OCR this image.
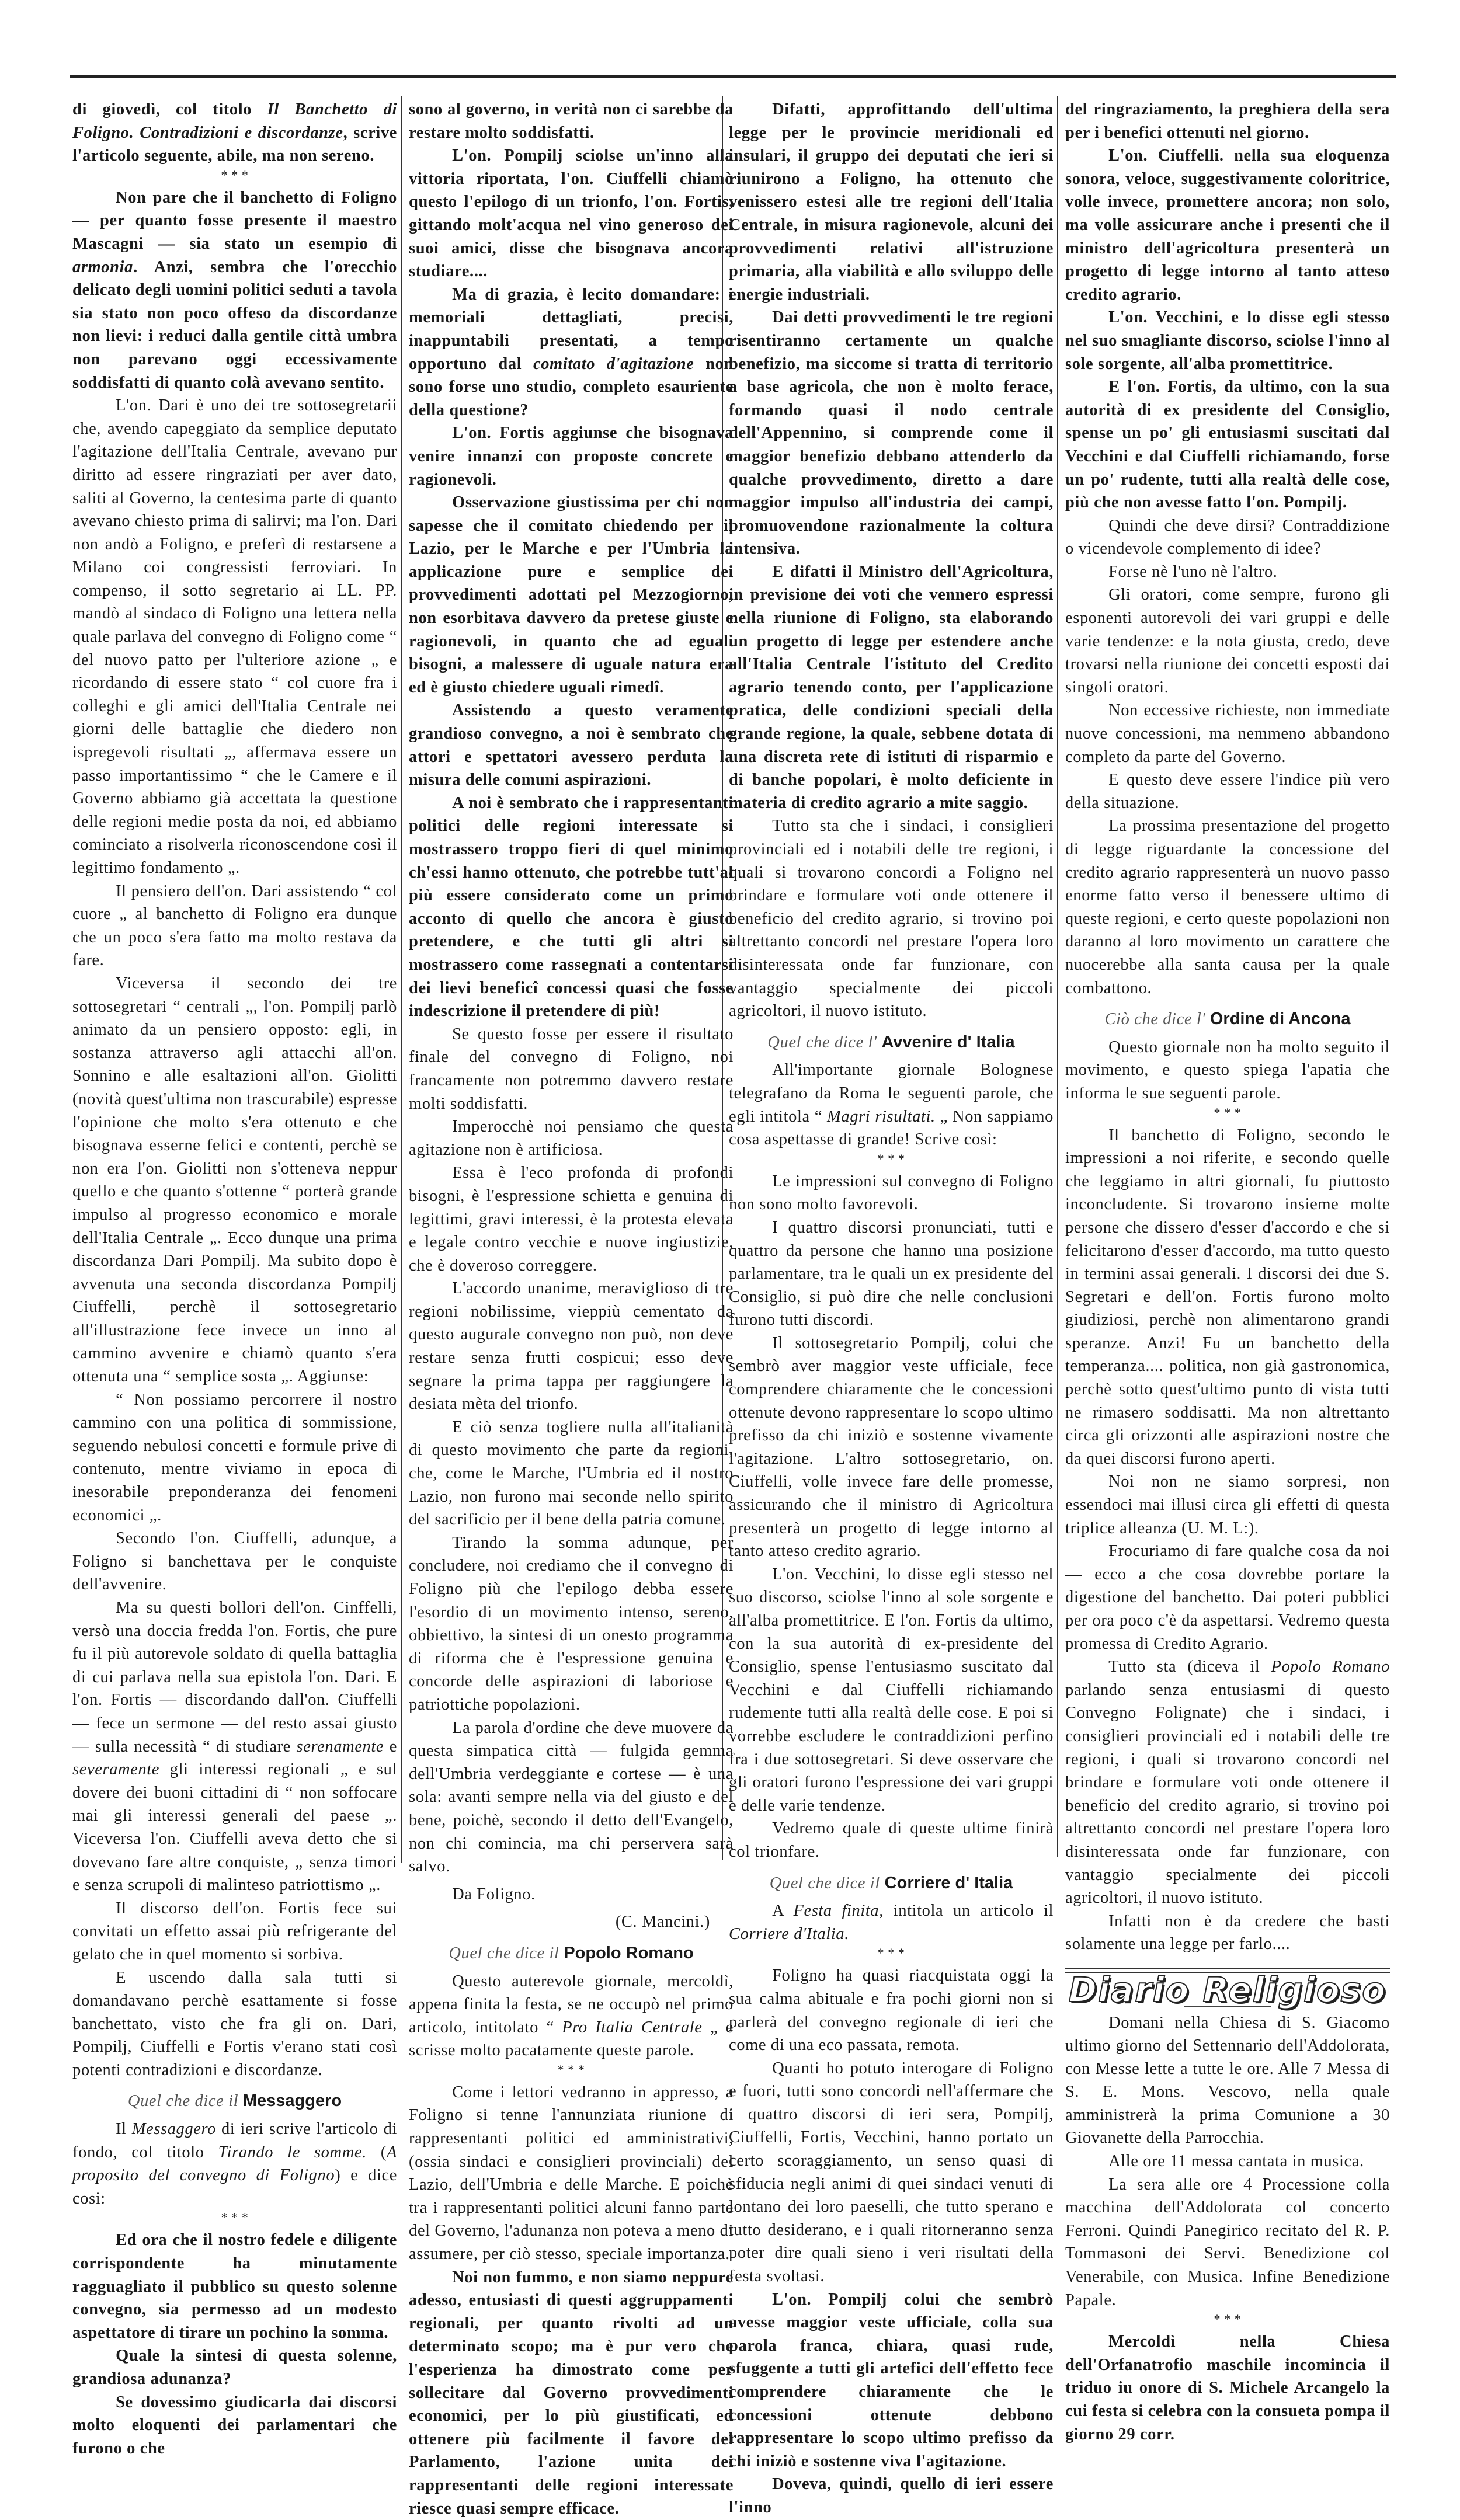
di giovedì, col titolo Il Banchetto di Foligno. Contradizioni e discordanze, scrive l'articolo seguente, abile, ma non sereno.

* * *

Non pare che il banchetto di Foligno — per quanto fosse presente il maestro Mascagni — sia stato un esempio di armonia. Anzi, sembra che l'orecchio delicato degli uomini politici seduti a tavola sia stato non poco offeso da discordanze non lievi: i reduci dalla gentile città umbra non parevano oggi eccessivamente soddisfatti di quanto colà avevano sentito.

L'on. Dari è uno dei tre sottosegretarii che, avendo capeggiato da semplice deputato l'agitazione dell'Italia Centrale, avevano pur diritto ad essere ringraziati per aver dato, saliti al Governo, la centesima parte di quanto avevano chiesto prima di salirvi; ma l'on. Dari non andò a Foligno, e preferì di restarsene a Milano coi congressisti ferroviari. In compenso, il sotto segretario ai LL. PP. mandò al sindaco di Foligno una lettera nella quale parlava del convegno di Foligno come “ del nuovo patto per l'ulteriore azione „ e ricordando di essere stato “ col cuore fra i colleghi e gli amici dell'Italia Centrale nei giorni delle battaglie che diedero non ispregevoli risultati „, affermava essere un passo importantissimo “ che le Camere e il Governo abbiamo già accettata la questione delle regioni medie posta da noi, ed abbiamo cominciato a risolverla riconoscendone così il legittimo fondamento „.

Il pensiero dell'on. Dari assistendo “ col cuore „ al banchetto di Foligno era dunque che un poco s'era fatto ma molto restava da fare.

Viceversa il secondo dei tre sottosegretari “ centrali „, l'on. Pompilj parlò animato da un pensiero opposto: egli, in sostanza attraverso agli attacchi all'on. Sonnino e alle esaltazioni all'on. Giolitti (novità quest'ultima non trascurabile) espresse l'opinione che molto s'era ottenuto e che bisognava esserne felici e contenti, perchè se non era l'on. Giolitti non s'otteneva neppur quello e che quanto s'ottenne “ porterà grande impulso al progresso economico e morale dell'Italia Centrale „. Ecco dunque una prima discordanza Dari Pompilj. Ma subito dopo è avvenuta una seconda discordanza Pompilj Ciuffelli, perchè il sottosegretario all'illustrazione fece invece un inno al cammino avvenire e chiamò quanto s'era ottenuta una “ semplice sosta „. Aggiunse:

“ Non possiamo percorrere il nostro cammino con una politica di sommissione, seguendo nebulosi concetti e formule prive di contenuto, mentre viviamo in epoca di inesorabile preponderanza dei fenomeni economici „.

Secondo l'on. Ciuffelli, adunque, a Foligno si banchettava per le conquiste dell'avvenire.

Ma su questi bollori dell'on. Cinffelli, versò una doccia fredda l'on. Fortis, che pure fu il più autorevole soldato di quella battaglia di cui parlava nella sua epistola l'on. Dari. E l'on. Fortis — discordando dall'on. Ciuffelli — fece un sermone — del resto assai giusto — sulla necessità “ di studiare serenamente e severamente gli interessi regionali „ e sul dovere dei buoni cittadini di “ non soffocare mai gli interessi generali del paese „. Viceversa l'on. Ciuffelli aveva detto che si dovevano fare altre conquiste, „ senza timori e senza scrupoli di malinteso patriottismo „.

Il discorso dell'on. Fortis fece sui convitati un effetto assai più refrigerante del gelato che in quel momento si sorbiva.

E uscendo dalla sala tutti si domandavano perchè esattamente si fosse banchettato, visto che fra gli on. Dari, Pompilj, Ciuffelli e Fortis v'erano stati così potenti contradizioni e discordanze.

Quel che dice il Messaggero

Il Messaggero di ieri scrive l'articolo di fondo, col titolo Tirando le somme. (A proposito del convegno di Foligno) e dice cosi:

* * *

Ed ora che il nostro fedele e diligente corrispondente ha minutamente ragguagliato il pubblico su questo solenne convegno, sia permesso ad un modesto aspettatore di tirare un pochino la somma.

Quale la sintesi di questa solenne, grandiosa adunanza?

Se dovessimo giudicarla dai discorsi molto eloquenti dei parlamentari che furono o che

sono al governo, in verità non ci sarebbe da restare molto soddisfatti.

L'on. Pompilj sciolse un'inno alla vittoria riportata, l'on. Ciuffelli chiamò questo l'epilogo di un trionfo, l'on. Fortis, gittando molt'acqua nel vino generoso dei suoi amici, disse che bisognava ancora studiare....

Ma di grazia, è lecito domandare: i memoriali dettagliati, precisi, inappuntabili presentati, a tempo opportuno dal comitato d'agitazione non sono forse uno studio, completo esauriente della questione?

L'on. Fortis aggiunse che bisognava venire innanzi con proposte concrete e ragionevoli.

Osservazione giustissima per chi non sapesse che il comitato chiedendo per il Lazio, per le Marche e per l'Umbria la applicazione pure e semplice dei provvedimenti adottati pel Mezzogiorno, non esorbitava davvero da pretese giuste e ragionevoli, in quanto che ad eguali bisogni, a malessere di uguale natura era ed è giusto chiedere uguali rimedî.

Assistendo a questo veramente grandioso convegno, a noi è sembrato che attori e spettatori avessero perduta la misura delle comuni aspirazioni.

A noi è sembrato che i rappresentanti politici delle regioni interessate si mostrassero troppo fieri di quel minimo ch'essi hanno ottenuto, che potrebbe tutt'al più essere considerato come un primo acconto di quello che ancora è giusto pretendere, e che tutti gli altri si mostrassero come rassegnati a contentarsi dei lievi beneficî concessi quasi che fosse indescrizione il pretendere di più!

Se questo fosse per essere il risultato finale del convegno di Foligno, noi francamente non potremmo davvero restare molti soddisfatti.

Imperocchè noi pensiamo che questa agitazione non è artificiosa.

Essa è l'eco profonda di profondi bisogni, è l'espressione schietta e genuina di legittimi, gravi interessi, è la protesta elevata e legale contro vecchie e nuove ingiustizie, che è doveroso correggere.

L'accordo unanime, meraviglioso di tre regioni nobilissime, vieppiù cementato da questo augurale convegno non può, non deve restare senza frutti cospicui; esso deve segnare la prima tappa per raggiungere la desiata mèta del trionfo.

E ciò senza togliere nulla all'italianità di questo movimento che parte da regioni, che, come le Marche, l'Umbria ed il nostro Lazio, non furono mai seconde nello spirito del sacrificio per il bene della patria comune.

Tirando la somma adunque, per concludere, noi crediamo che il convegno di Foligno più che l'epilogo debba essere l'esordio di un movimento intenso, sereno, obbiettivo, la sintesi di un onesto programma di riforma che è l'espressione genuina e concorde delle aspirazioni di laboriose e patriottiche popolazioni.

La parola d'ordine che deve muovere da questa simpatica città — fulgida gemma dell'Umbria verdeggiante e cortese — è una sola: avanti sempre nella via del giusto e del bene, poichè, secondo il detto dell'Evangelo, non chi comincia, ma chi perservera sarà salvo.

Da Foligno.
(C. Mancini.)
Quel che dice il Popolo Romano

Questo auterevole giornale, mercoldì, appena finita la festa, se ne occupò nel primo articolo, intitolato “ Pro Italia Centrale „ e scrisse molto pacatamente queste parole.

* * *

Come i lettori vedranno in appresso, a Foligno si tenne l'annunziata riunione di rappresentanti politici ed amministrativi, (ossia sindaci e consiglieri provinciali) del Lazio, dell'Umbria e delle Marche. E poichè tra i rappresentanti politici alcuni fanno parte del Governo, l'adunanza non poteva a meno di assumere, per ciò stesso, speciale importanza.

Noi non fummo, e non siamo neppure adesso, entusiasti di questi aggruppamenti regionali, per quanto rivolti ad un determinato scopo; ma è pur vero che l'esperienza ha dimostrato come per sollecitare dal Governo provvedimenti economici, per lo più giustificati, ed ottenere più facilmente il favore del Parlamento, l'azione unita dei rappresentanti delle regioni interessate riesce quasi sempre efficace.

Difatti, approfittando dell'ultima legge per le provincie meridionali ed insulari, il gruppo dei deputati che ieri si riunirono a Foligno, ha ottenuto che venissero estesi alle tre regioni dell'Italia Centrale, in misura ragionevole, alcuni dei provvedimenti relativi all'istruzione primaria, alla viabilità e allo sviluppo delle energie industriali.

Dai detti provvedimenti le tre regioni risentiranno certamente un qualche benefizio, ma siccome si tratta di territorio a base agricola, che non è molto ferace, formando quasi il nodo centrale dell'Appennino, si comprende come il maggior benefizio debbano attenderlo da qualche provvedimento, diretto a dare maggior impulso all'industria dei campi, promuovendone razionalmente la coltura intensiva.

E difatti il Ministro dell'Agricoltura, in previsione dei voti che vennero espressi nella riunione di Foligno, sta elaborando un progetto di legge per estendere anche all'Italia Centrale l'istituto del Credito agrario tenendo conto, per l'applicazione pratica, delle condizioni speciali della grande regione, la quale, sebbene dotata di una discreta rete di istituti di risparmio e di banche popolari, è molto deficiente in materia di credito agrario a mite saggio.

Tutto sta che i sindaci, i consiglieri provinciali ed i notabili delle tre regioni, i quali si trovarono concordi a Foligno nel brindare e formulare voti onde ottenere il beneficio del credito agrario, si trovino poi altrettanto concordi nel prestare l'opera loro disinteressata onde far funzionare, con vantaggio specialmente dei piccoli agricoltori, il nuovo istituto.

Quel che dice l' Avvenire d' Italia

All'importante giornale Bolognese telegrafano da Roma le seguenti parole, che egli intitola “ Magri risultati. „ Non sappiamo cosa aspettasse di grande! Scrive così:

* * *

Le impressioni sul convegno di Foligno non sono molto favorevoli.

I quattro discorsi pronunciati, tutti e quattro da persone che hanno una posizione parlamentare, tra le quali un ex presidente del Consiglio, si può dire che nelle conclusioni furono tutti discordi.

Il sottosegretario Pompilj, colui che sembrò aver maggior veste ufficiale, fece comprendere chiaramente che le concessioni ottenute devono rappresentare lo scopo ultimo prefisso da chi iniziò e sostenne vivamente l'agitazione. L'altro sottosegretario, on. Ciuffelli, volle invece fare delle promesse, assicurando che il ministro di Agricoltura presenterà un progetto di legge intorno al tanto atteso credito agrario.

L'on. Vecchini, lo disse egli stesso nel suo discorso, sciolse l'inno al sole sorgente e all'alba promettitrice. E l'on. Fortis da ultimo, con la sua autorità di ex-presidente del Consiglio, spense l'entusiasmo suscitato dal Vecchini e dal Ciuffelli richiamando rudemente tutti alla realtà delle cose. E poi si vorrebbe escludere le contraddizioni perfino fra i due sottosegretari. Si deve osservare che gli oratori furono l'espressione dei vari gruppi e delle varie tendenze.

Vedremo quale di queste ultime finirà col trionfare.

Quel che dice il Corriere d' Italia

A Festa finita, intitola un articolo il Corriere d'Italia.

* * *

Foligno ha quasi riacquistata oggi la sua calma abituale e fra pochi giorni non si parlerà del convegno regionale di ieri che come di una eco passata, remota.

Quanti ho potuto interogare di Foligno e fuori, tutti sono concordi nell'affermare che i quattro discorsi di ieri sera, Pompilj, Ciuffelli, Fortis, Vecchini, hanno portato un certo scoraggiamento, un senso quasi di sfiducia negli animi di quei sindaci venuti di lontano dei loro paeselli, che tutto sperano e tutto desiderano, e i quali ritorneranno senza poter dire quali sieno i veri risultati della festa svoltasi.

L'on. Pompilj colui che sembrò avesse maggior veste ufficiale, colla sua parola franca, chiara, quasi rude, sfuggente a tutti gli artefici dell'effetto fece comprendere chiaramente che le concessioni ottenute debbono rappresentare lo scopo ultimo prefisso da chi iniziò e sostenne viva l'agitazione.

Doveva, quindi, quello di ieri essere l'inno

del ringraziamento, la preghiera della sera per i benefici ottenuti nel giorno.

L'on. Ciuffelli. nella sua eloquenza sonora, veloce, suggestivamente coloritrice, volle invece, promettere ancora; non solo, ma volle assicurare anche i presenti che il ministro dell'agricoltura presenterà un progetto di legge intorno al tanto atteso credito agrario.

L'on. Vecchini, e lo disse egli stesso nel suo smagliante discorso, sciolse l'inno al sole sorgente, all'alba promettitrice.

E l'on. Fortis, da ultimo, con la sua autorità di ex presidente del Consiglio, spense un po' gli entusiasmi suscitati dal Vecchini e dal Ciuffelli richiamando, forse un po' rudente, tutti alla realtà delle cose, più che non avesse fatto l'on. Pompilj.

Quindi che deve dirsi? Contraddizione o vicendevole complemento di idee?

Forse nè l'uno nè l'altro.

Gli oratori, come sempre, furono gli esponenti autorevoli dei vari gruppi e delle varie tendenze: e la nota giusta, credo, deve trovarsi nella riunione dei concetti esposti dai singoli oratori.

Non eccessive richieste, non immediate nuove concessioni, ma nemmeno abbandono completo da parte del Governo.

E questo deve essere l'indice più vero della situazione.

La prossima presentazione del progetto di legge riguardante la concessione del credito agrario rappresenterà un nuovo passo enorme fatto verso il benessere ultimo di queste regioni, e certo queste popolazioni non daranno al loro movimento un carattere che nuocerebbe alla santa causa per la quale combattono.

Ciò che dice l' Ordine di Ancona

Questo giornale non ha molto seguito il movimento, e questo spiega l'apatia che informa le sue seguenti parole.

* * *

Il banchetto di Foligno, secondo le impressioni a noi riferite, e secondo quelle che leggiamo in altri giornali, fu piuttosto inconcludente. Si trovarono insieme molte persone che dissero d'esser d'accordo e che si felicitarono d'esser d'accordo, ma tutto questo in termini assai generali. I discorsi dei due S. Segretari e dell'on. Fortis furono molto giudiziosi, perchè non alimentarono grandi speranze. Anzi! Fu un banchetto della temperanza.... politica, non già gastronomica, perchè sotto quest'ultimo punto di vista tutti ne rimasero soddisatti. Ma non altrettanto circa gli orizzonti alle aspirazioni nostre che da quei discorsi furono aperti.

Noi non ne siamo sorpresi, non essendoci mai illusi circa gli effetti di questa triplice alleanza (U. M. L:).

Frocuriamo di fare qualche cosa da noi — ecco a che cosa dovrebbe portare la digestione del banchetto. Dai poteri pubblici per ora poco c'è da aspettarsi. Vedremo questa promessa di Credito Agrario.

Tutto sta (diceva il Popolo Romano parlando senza entusiasmi di questo Convegno Folignate) che i sindaci, i consiglieri provinciali ed i notabili delle tre regioni, i quali si trovarono concordi nel brindare e formulare voti onde ottenere il beneficio del credito agrario, si trovino poi altrettanto concordi nel prestare l'opera loro disinteressata onde far funzionare, con vantaggio specialmente dei piccoli agricoltori, il nuovo istituto.

Infatti non è da credere che basti solamente una legge per farlo....

Diario Religioso

Domani nella Chiesa di S. Giacomo ultimo giorno del Settennario dell'Addolorata, con Messe lette a tutte le ore. Alle 7 Messa di S. E. Mons. Vescovo, nella quale amministrerà la prima Comunione a 30 Giovanette della Parrocchia.

Alle ore 11 messa cantata in musica.

La sera alle ore 4 Processione colla macchina dell'Addolorata col concerto Ferroni. Quindi Panegirico recitato del R. P. Tommasoni dei Servi. Benedizione col Venerabile, con Musica. Infine Benedizione Papale.

* * *

Mercoldì nella Chiesa dell'Orfanatrofio maschile incomincia il triduo iu onore di S. Michele Arcangelo la cui festa si celebra con la consueta pompa il giorno 29 corr.
